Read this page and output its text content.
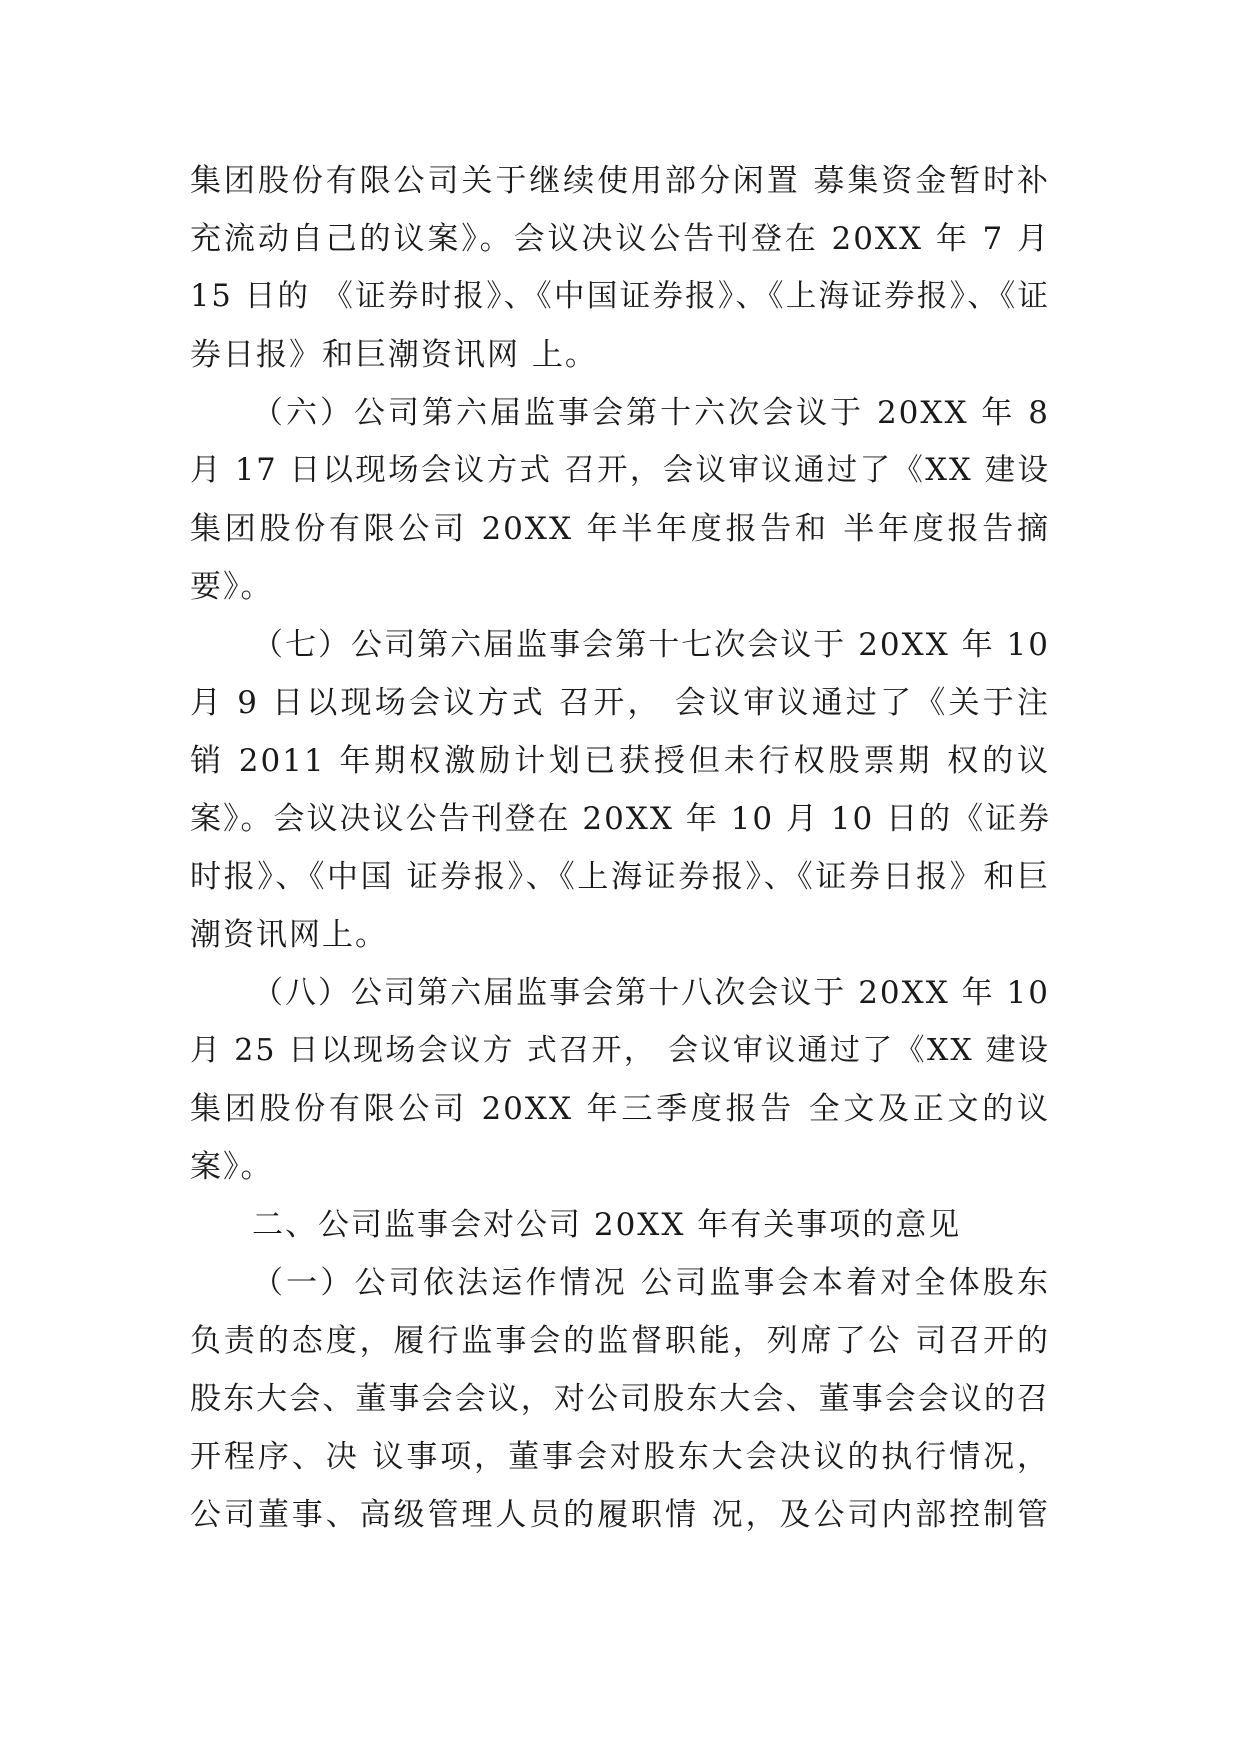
集团股份有限公司关于继续使用部分闲置 募集资金暂时补
充流动自己的议案》。会议决议公告刊登在 20XX 年 7 月
15 日的 《证券时报》、《中国证券报》、《上海证券报》、《证
券日报》和巨潮资讯网 上。
（六）公司第六届监事会第十六次会议于 20XX 年 8
月 17 日以现场会议方式 召开，会议审议通过了《XX 建设
集团股份有限公司 20XX 年半年度报告和 半年度报告摘
要》。
（七）公司第六届监事会第十七次会议于 20XX 年 10
月 9 日以现场会议方式 召开， 会议审议通过了《关于注
销 2011 年期权激励计划已获授但未行权股票期 权的议
案》。会议决议公告刊登在 20XX 年 10 月 10 日的《证券
时报》、《中国 证券报》、《上海证券报》、《证券日报》和巨
潮资讯网上。
（八）公司第六届监事会第十八次会议于 20XX 年 10
月 25 日以现场会议方 式召开， 会议审议通过了《XX 建设
集团股份有限公司 20XX 年三季度报告 全文及正文的议
案》。
二、公司监事会对公司 20XX 年有关事项的意见
（一）公司依法运作情况 公司监事会本着对全体股东
负责的态度，履行监事会的监督职能，列席了公 司召开的
股东大会、董事会会议，对公司股东大会、董事会会议的召
开程序、决 议事项，董事会对股东大会决议的执行情况，
公司董事、高级管理人员的履职情 况，及公司内部控制管
